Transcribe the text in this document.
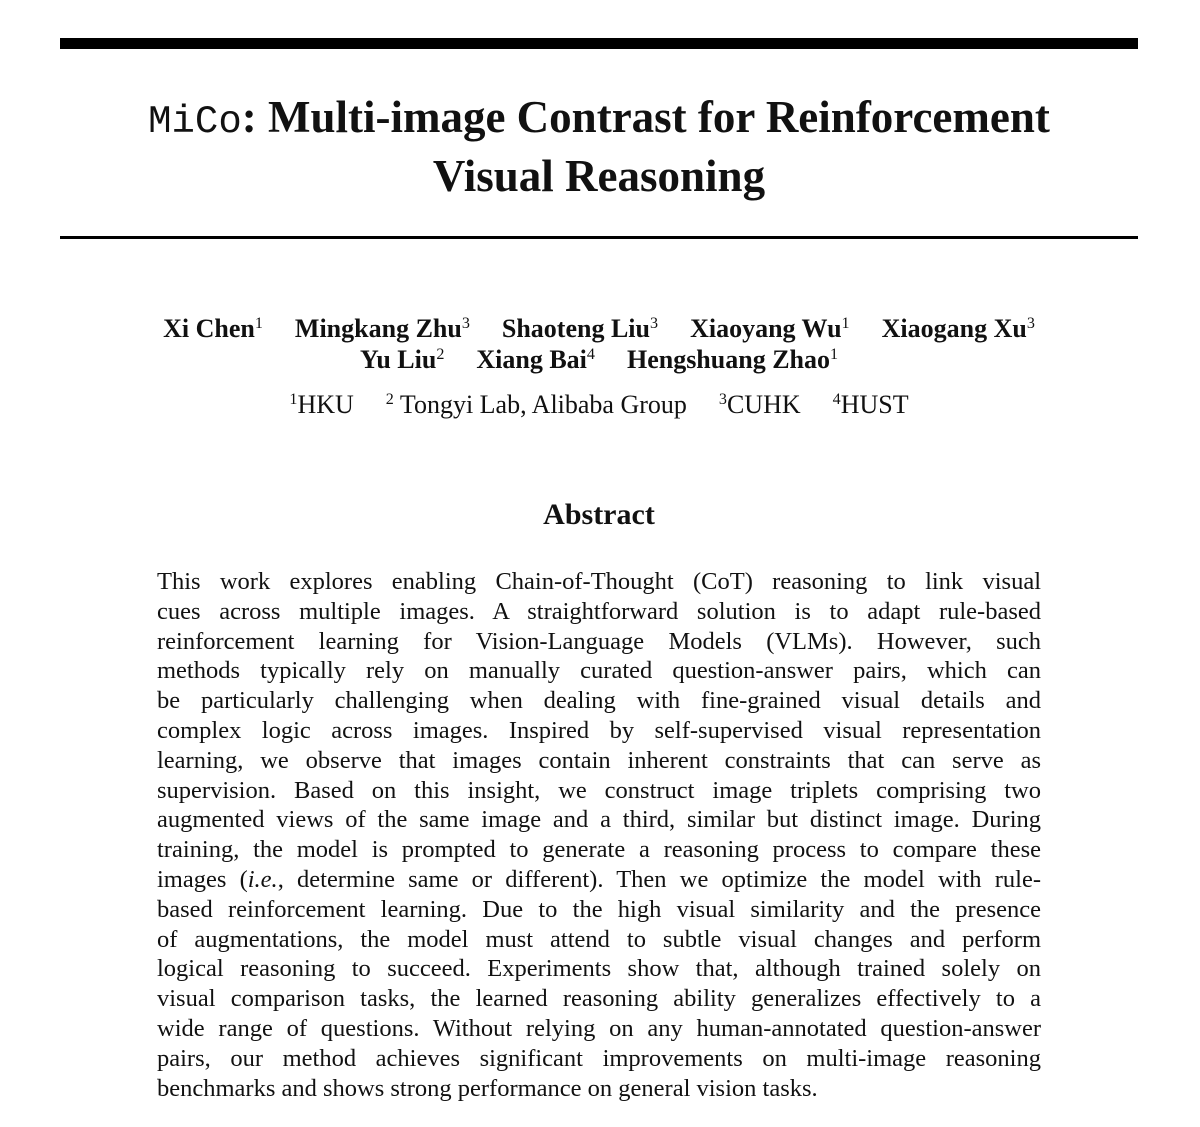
MiCo: Multi-image Contrast for Reinforcement
Visual Reasoning
Xi Chen$^1$ Mingkang Zhu$^3$ Shaoteng Liu$^3$ Xiaoyang Wu$^1$ Xiaogang Xu$^3$
Yu Liu$^2$ Xiang Bai$^4$ Hengshuang Zhao$^1$
$^1$HKU $^2$ Tongyi Lab, Alibaba Group $^3$CUHK $^4$HUST
Abstract
This work explores enabling Chain-of-Thought (CoT) reasoning to link visual
cues across multiple images. A straightforward solution is to adapt rule-based
reinforcement learning for Vision-Language Models (VLMs). However, such
methods typically rely on manually curated question-answer pairs, which can
be particularly challenging when dealing with fine-grained visual details and
complex logic across images. Inspired by self-supervised visual representation
learning, we observe that images contain inherent constraints that can serve as
supervision. Based on this insight, we construct image triplets comprising two
augmented views of the same image and a third, similar but distinct image. During
training, the model is prompted to generate a reasoning process to compare these
images (i.e., determine same or different). Then we optimize the model with rule-
based reinforcement learning. Due to the high visual similarity and the presence
of augmentations, the model must attend to subtle visual changes and perform
logical reasoning to succeed. Experiments show that, although trained solely on
visual comparison tasks, the learned reasoning ability generalizes effectively to a
wide range of questions. Without relying on any human-annotated question-answer
pairs, our method achieves significant improvements on multi-image reasoning
benchmarks and shows strong performance on general vision tasks.
